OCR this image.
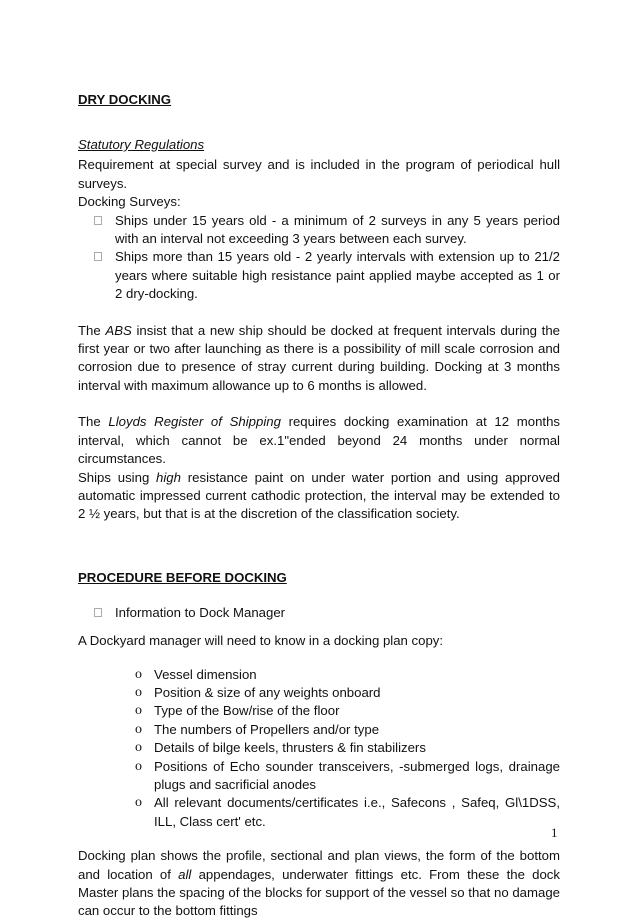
DRY DOCKING

Statutory Regulations

Requirement at special survey and is included in the program of periodical hull surveys.

Docking Surveys:

Ships under 15 years old - a minimum of 2 surveys in any 5 years period with an interval not exceeding 3 years between each survey.
Ships more than 15 years old - 2 yearly intervals with extension up to 21/2 years where suitable high resistance paint applied maybe accepted as 1 or 2 dry-docking.

The ABS insist that a new ship should be docked at frequent intervals during the first year or two after launching as there is a possibility of mill scale corrosion and corrosion due to presence of stray current during building. Docking at 3 months interval with maximum allowance up to 6 months is allowed.

The Lloyds Register of Shipping requires docking examination at 12 months interval, which cannot be ex.1"ended beyond 24 months under normal circumstances.

Ships using high resistance paint on under water portion and using approved automatic impressed current cathodic protection, the interval may be extended to 2 ½ years, but that is at the discretion of the classification society.

PROCEDURE BEFORE DOCKING
Information to Dock Manager

A Dockyard manager will need to know in a docking plan copy:

o Vessel dimension
o Position & size of any weights onboard
o Type of the Bow/rise of the floor
o The numbers of Propellers and/or type
o Details of bilge keels, thrusters & fin stabilizers
o Positions of Echo sounder transceivers, -submerged logs, drainage plugs and sacrificial anodes
o All relevant documents/certificates i.e., Safecons , Safeq, Gl\1DSS, ILL, Class cert' etc.

Docking plan shows the profile, sectional and plan views, the form of the bottom and location of all appendages, underwater fittings etc. From these the dock Master plans the spacing of the blocks for support of the vessel so that no damage can occur to the bottom fittings

1
